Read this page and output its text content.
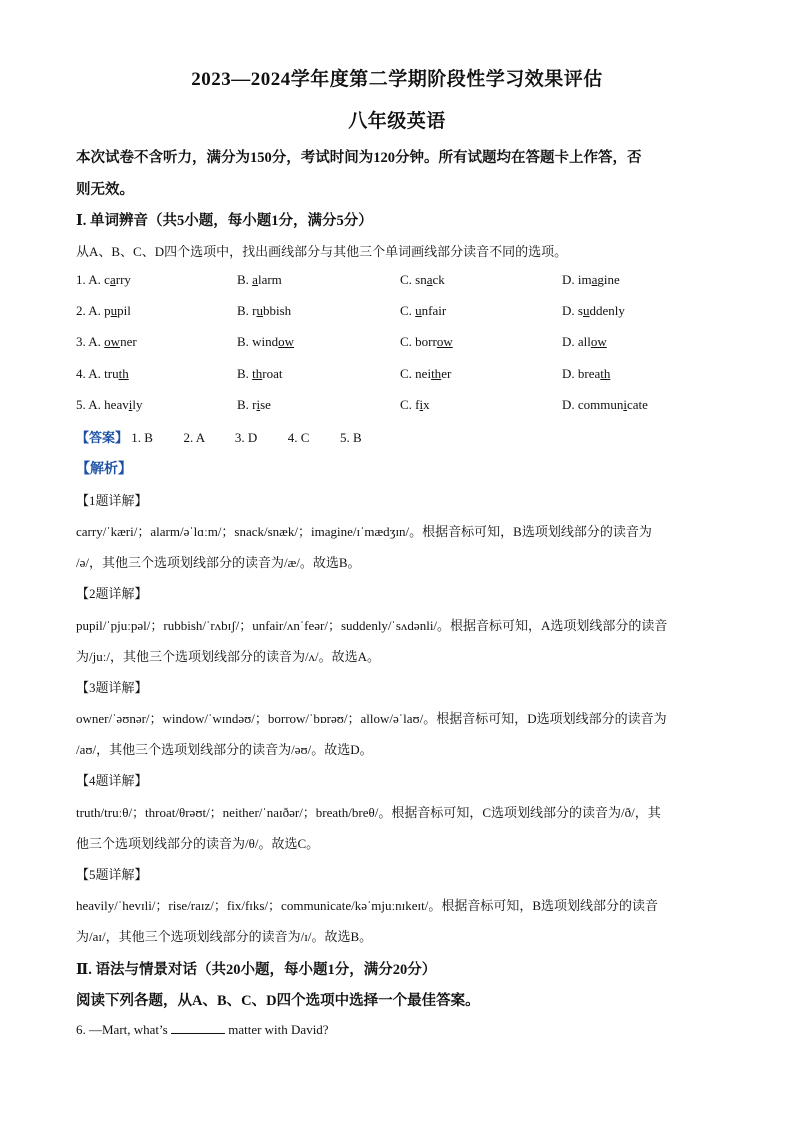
2023—2024学年度第二学期阶段性学习效果评估
八年级英语
本次试卷不含听力，满分为150分，考试时间为120分钟。所有试题均在答题卡上作答，否
则无效。
Ⅰ. 单词辨音（共5小题，每小题1分，满分5分）
从A、B、C、D四个选项中，找出画线部分与其他三个单词画线部分读音不同的选项。
1. A. carry	B. alarm	C. snack	D. imagine
2. A. pupil	B. rubbish	C. unfair	D. suddenly
3. A. owner	B. window	C. borrow	D. allow
4. A. truth	B. throat	C. neither	D. breath
5. A. heavily	B. rise	C. fix	D. communicate
【答案】 1. B 2. A 3. D 4. C 5. B
【解析】
【1题详解】
carry/ˈkæri/；alarm/əˈlɑːm/；snack/snæk/；imagine/ɪˈmædʒɪn/。根据音标可知，B选项划线部分的读音为
/ə/，其他三个选项划线部分的读音为/æ/。故选B。
【2题详解】
pupil/ˈpjuːpəl/；rubbish/ˈrʌbɪʃ/；unfair/ʌnˈfeər/；suddenly/ˈsʌdənli/。根据音标可知，A选项划线部分的读音
为/juː/，其他三个选项划线部分的读音为/ʌ/。故选A。
【3题详解】
owner/ˈəʊnər/；window/ˈwɪndəʊ/；borrow/ˈbɒrəʊ/；allow/əˈlaʊ/。根据音标可知，D选项划线部分的读音为
/aʊ/，其他三个选项划线部分的读音为/əʊ/。故选D。
【4题详解】
truth/truːθ/；throat/θrəʊt/；neither/ˈnaɪðər/；breath/breθ/。根据音标可知，C选项划线部分的读音为/ð/，其
他三个选项划线部分的读音为/θ/。故选C。
【5题详解】
heavily/ˈhevɪli/；rise/raɪz/；fix/fɪks/；communicate/kəˈmjuːnɪkeɪt/。根据音标可知，B选项划线部分的读音
为/aɪ/，其他三个选项划线部分的读音为/ɪ/。故选B。
Ⅱ. 语法与情景对话（共20小题，每小题1分，满分20分）
阅读下列各题，从A、B、C、D四个选项中选择一个最佳答案。
6. —Mart, what’s	matter with David?
